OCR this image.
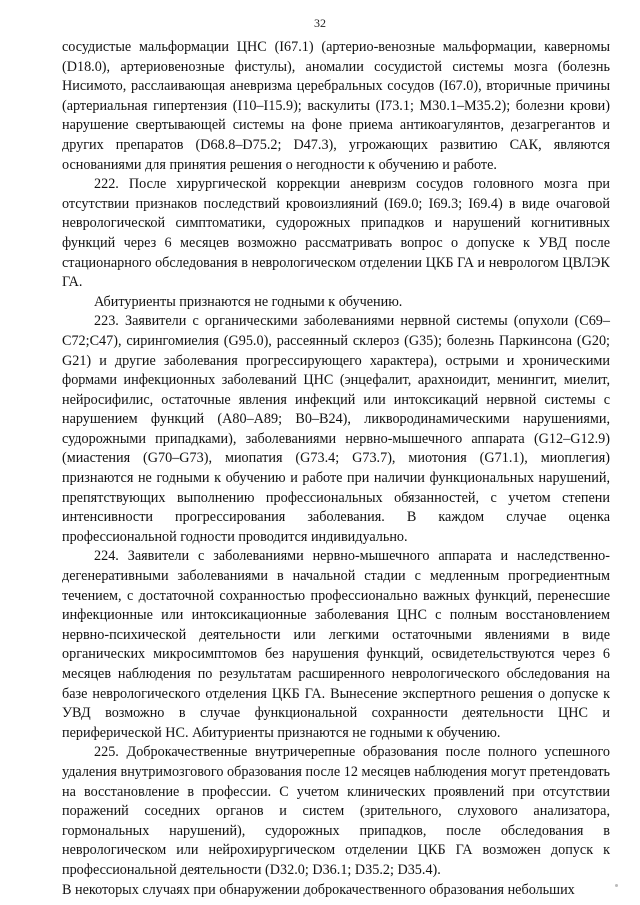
32

сосудистые мальформации ЦНС (I67.1) (артерио-венозные мальформации, каверномы (D18.0), артериовенозные фистулы), аномалии сосудистой системы мозга (болезнь Нисимото, расслаивающая аневризма церебральных сосудов (I67.0), вторичные причины (артериальная гипертензия (I10–I15.9); васкулиты (I73.1; M30.1–M35.2); болезни крови) нарушение свертывающей системы на фоне приема антикоагулянтов, дезагрегантов и других препаратов (D68.8–D75.2; D47.3), угрожающих развитию САК, являются основаниями для принятия решения о негодности к обучению и работе.

222. После хирургической коррекции аневризм сосудов головного мозга при отсутствии признаков последствий кровоизлияний (I69.0; I69.3; I69.4) в виде очаговой неврологической симптоматики, судорожных припадков и нарушений когнитивных функций через 6 месяцев возможно рассматривать вопрос о допуске к УВД после стационарного обследования в неврологическом отделении ЦКБ ГА и неврологом ЦВЛЭК ГА.

Абитуриенты признаются не годными к обучению.

223. Заявители с органическими заболеваниями нервной системы (опухоли (C69–C72;C47), сирингомиелия (G95.0), рассеянный склероз (G35); болезнь Паркинсона (G20; G21) и другие заболевания прогрессирующего характера), острыми и хроническими формами инфекционных заболеваний ЦНС (энцефалит, арахноидит, менингит, миелит, нейросифилис, остаточные явления инфекций или интоксикаций нервной системы с нарушением функций (A80–A89; B0–B24), ликвородинамическими нарушениями, судорожными припадками), заболеваниями нервно-мышечного аппарата (G12–G12.9) (миастения (G70–G73), миопатия (G73.4; G73.7), миотония (G71.1), миоплегия) признаются не годными к обучению и работе при наличии функциональных нарушений, препятствующих выполнению профессиональных обязанностей, с учетом степени интенсивности прогрессирования заболевания. В каждом случае оценка профессиональной годности проводится индивидуально.

224. Заявители с заболеваниями нервно-мышечного аппарата и наследственно-дегенеративными заболеваниями в начальной стадии с медленным прогредиентным течением, с достаточной сохранностью профессионально важных функций, перенесшие инфекционные или интоксикационные заболевания ЦНС с полным восстановлением нервно-психической деятельности или легкими остаточными явлениями в виде органических микросимптомов без нарушения функций, освидетельствуются через 6 месяцев наблюдения по результатам расширенного неврологического обследования на базе неврологического отделения ЦКБ ГА. Вынесение экспертного решения о допуске к УВД возможно в случае функциональной сохранности деятельности ЦНС и периферической НС. Абитуриенты признаются не годными к обучению.

225. Доброкачественные внутричерепные образования после полного успешного удаления внутримозгового образования после 12 месяцев наблюдения могут претендовать на восстановление в профессии. С учетом клинических проявлений при отсутствии поражений соседних органов и систем (зрительного, слухового анализатора, гормональных нарушений), судорожных припадков, после обследования в неврологическом или нейрохирургическом отделении ЦКБ ГА возможен допуск к профессиональной деятельности (D32.0; D36.1; D35.2; D35.4).

В некоторых случаях при обнаружении доброкачественного образования небольших
